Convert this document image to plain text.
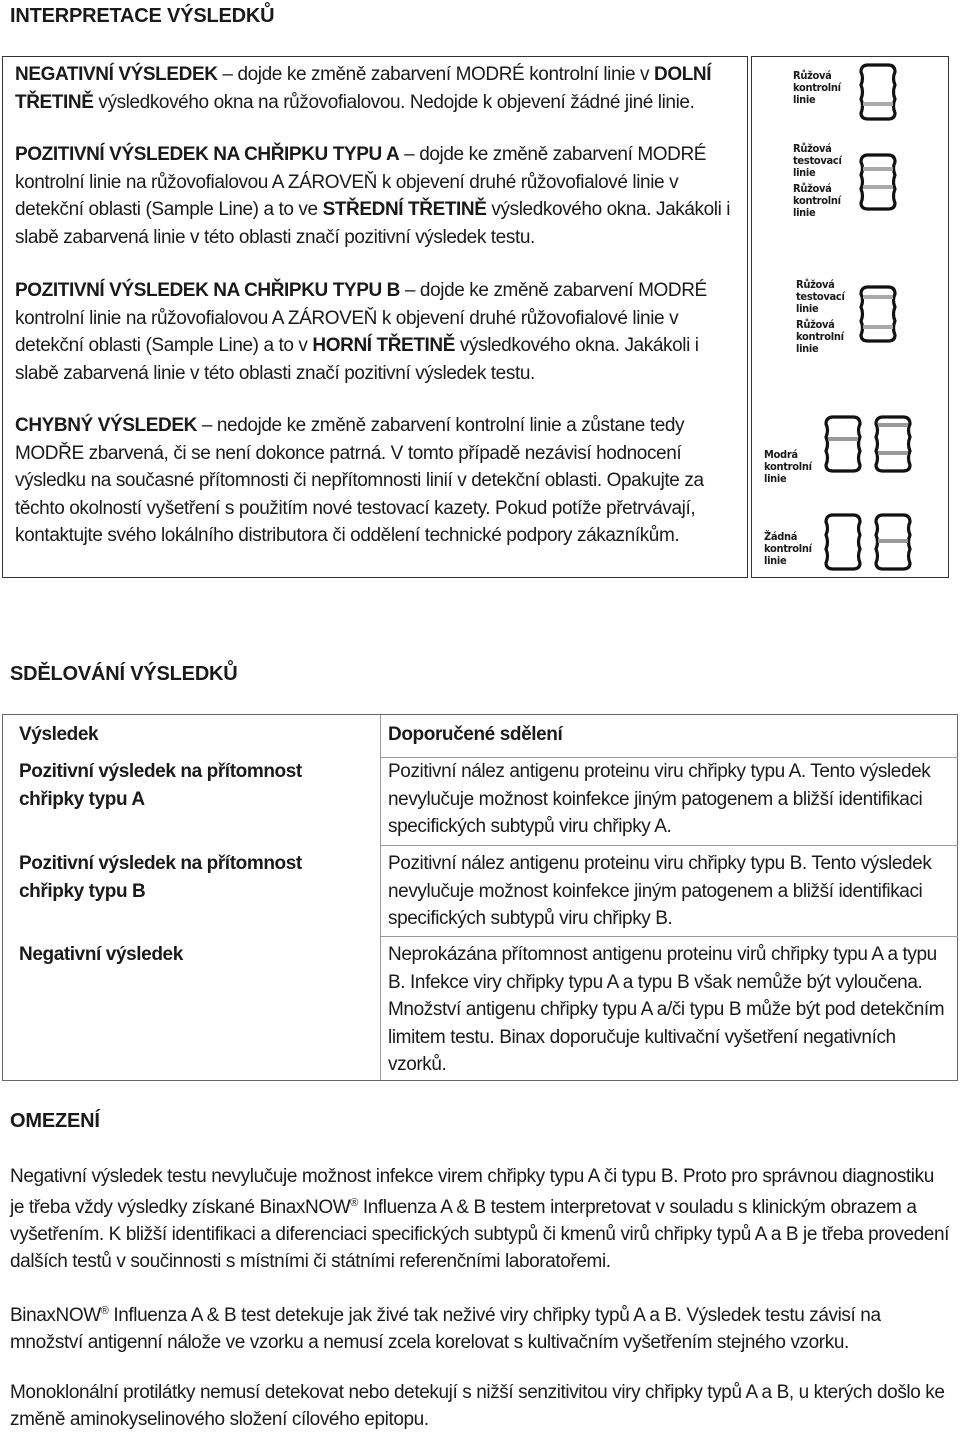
INTERPRETACE VÝSLEDKŮ
NEGATIVNÍ VÝSLEDEK – dojde ke změně zabarvení MODRÉ kontrolní linie v DOLNÍ TŘETINĚ výsledkového okna na růžovofialovou. Nedojde k objevení žádné jiné linie.
POZITIVNÍ VÝSLEDEK NA CHŘIPKU TYPU A – dojde ke změně zabarvení MODRÉ kontrolní linie na růžovofialovou A ZÁROVEŇ k objevení druhé růžovofialové linie v detekční oblasti (Sample Line) a to ve STŘEDNÍ TŘETINĚ výsledkového okna. Jakákoli i slabě zabarvená linie v této oblasti značí pozitivní výsledek testu.
POZITIVNÍ VÝSLEDEK NA CHŘIPKU TYPU B – dojde ke změně zabarvení MODRÉ kontrolní linie na růžovofialovou A ZÁROVEŇ k objevení druhé růžovofialové linie v detekční oblasti (Sample Line) a to v HORNÍ TŘETINĚ výsledkového okna. Jakákoli i slabě zabarvená linie v této oblasti značí pozitivní výsledek testu.
CHYBNÝ VÝSLEDEK – nedojde ke změně zabarvení kontrolní linie a zůstane tedy MODŘE zbarvená, či se není dokonce patrná. V tomto případě nezávisí hodnocení výsledku na současné přítomnosti či nepřítomnosti linií v detekční oblasti. Opakujte za těchto okolností vyšetření s použitím nové testovací kazety. Pokud potíže přetrvávají, kontaktujte svého lokálního distributora či oddělení technické podpory zákazníkům.
Růžová kontrolní linie
Růžová testovací linie
Růžová kontrolní linie
Růžová testovací linie
Růžová kontrolní linie
Modrá kontrolní linie
Žádná kontrolní linie
SDĚLOVÁNÍ VÝSLEDKŮ
Výsledek	Doporučené sdělení
Pozitivní výsledek na přítomnost chřipky typu A
Pozitivní nález antigenu proteinu viru chřipky typu A. Tento výsledek nevylučuje možnost koinfekce jiným patogenem a bližší identifikaci specifických subtypů viru chřipky A.
Pozitivní výsledek na přítomnost chřipky typu B
Pozitivní nález antigenu proteinu viru chřipky typu B. Tento výsledek nevylučuje možnost koinfekce jiným patogenem a bližší identifikaci specifických subtypů viru chřipky B.
Negativní výsledek	Neprokázána přítomnost antigenu proteinu virů chřipky typu A a typu B. Infekce viry chřipky typu A a typu B však nemůže být vyloučena. Množství antigenu chřipky typu A a/či typu B může být pod detekčním limitem testu. Binax doporučuje kultivační vyšetření negativních vzorků.
OMEZENÍ
Negativní výsledek testu nevylučuje možnost infekce virem chřipky typu A či typu B. Proto pro správnou diagnostiku je třeba vždy výsledky získané BinaxNOW® Influenza A & B testem interpretovat v souladu s klinickým obrazem a vyšetřením. K bližší identifikaci a diferenciaci specifických subtypů či kmenů virů chřipky typů A a B je třeba provedení dalších testů v součinnosti s místními či státními referenčními laboratořemi.
BinaxNOW® Influenza A & B test detekuje jak živé tak neživé viry chřipky typů A a B. Výsledek testu závisí na množství antigenní nálože ve vzorku a nemusí zcela korelovat s kultivačním vyšetřením stejného vzorku.
Monoklonální protilátky nemusí detekovat nebo detekují s nižší senzitivitou viry chřipky typů A a B, u kterých došlo ke změně aminokyselinového složení cílového epitopu.
